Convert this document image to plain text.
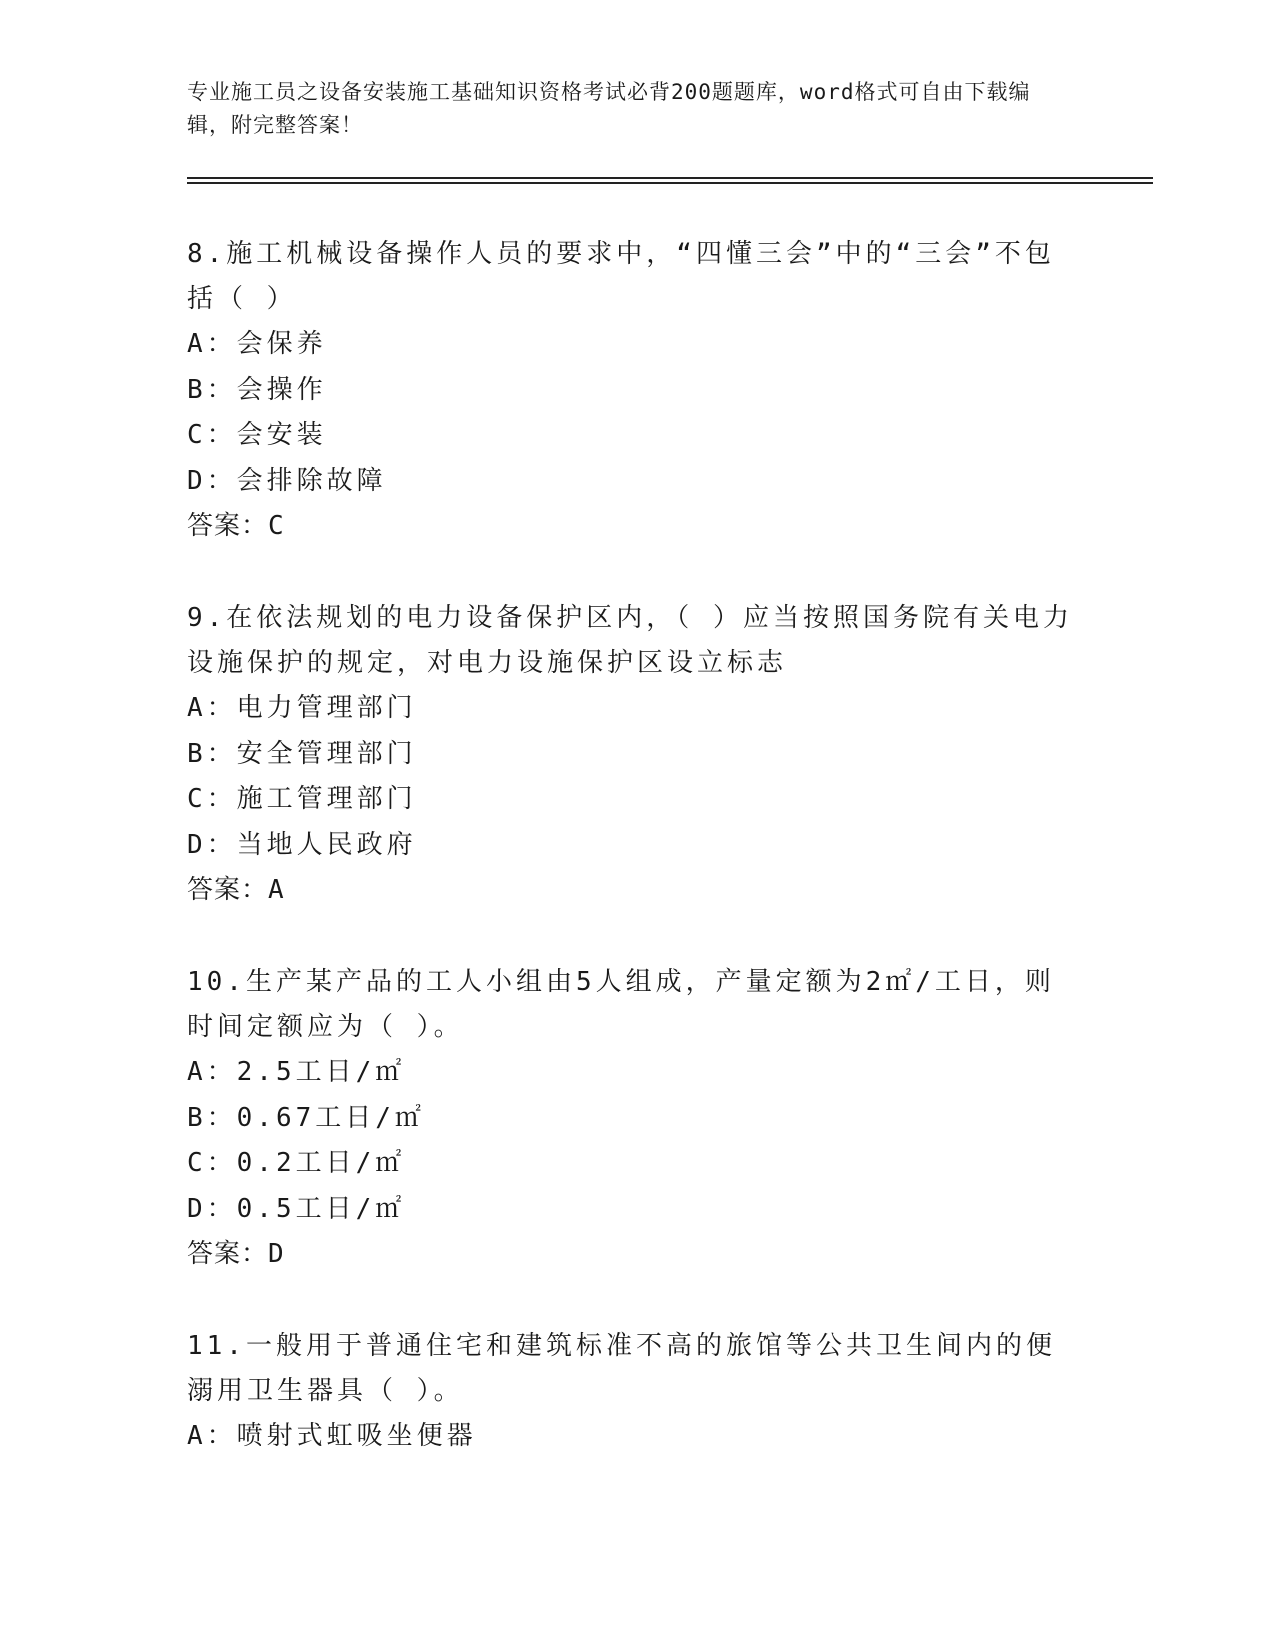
专业施工员之设备安装施工基础知识资格考试必背200题题库，word格式可自由下载编辑，附完整答案！

8.施工机械设备操作人员的要求中，“四懂三会”中的“三会”不包括（ ）

A：会保养

B：会操作

C：会安装

D：会排除故障

答案：C

9.在依法规划的电力设备保护区内，（ ）应当按照国务院有关电力设施保护的规定，对电力设施保护区设立标志

A：电力管理部门

B：安全管理部门

C：施工管理部门

D：当地人民政府

答案：A

10.生产某产品的工人小组由5人组成，产量定额为2㎡/工日，则时间定额应为（ ）。

A：2.5工日/㎡

B：0.67工日/㎡

C：0.2工日/㎡

D：0.5工日/㎡

答案：D

11.一般用于普通住宅和建筑标准不高的旅馆等公共卫生间内的便溺用卫生器具（ ）。

A：喷射式虹吸坐便器
